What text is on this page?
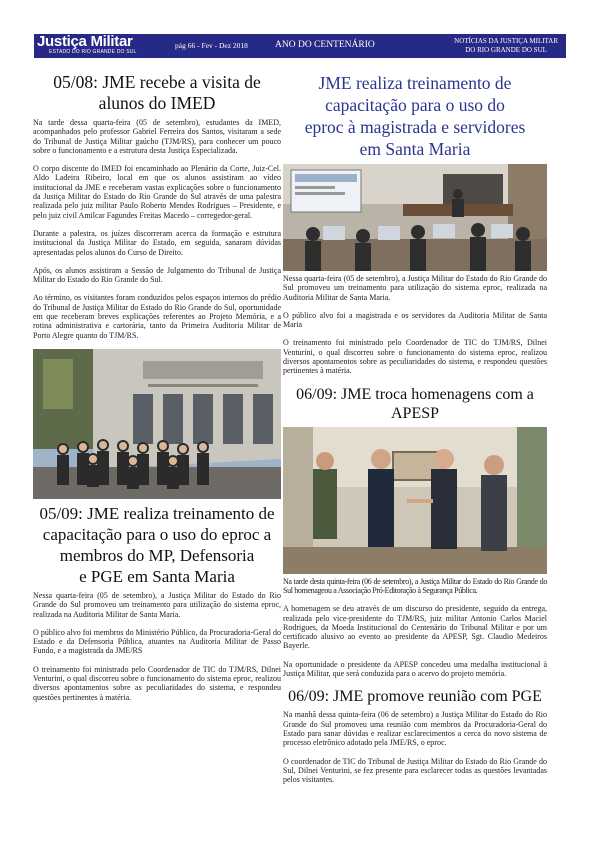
Justiça Militar
ESTADO DO RIO GRANDE DO SUL
pág 66 - Fev - Dez 2018	ANO DO CENTENÁRIO	NOTÍCIAS DA JUSTIÇA MILITAR
DO RIO GRANDE DO SUL
05/08: JME recebe a visita de
alunos do IMED

Na tarde dessa quarta-feira (05 de setembro), estudantes da IMED, acompanhados pelo professor Gabriel Ferreira dos Santos, visitaram a sede do Tribunal de Justiça Militar gaúcho (TJM/RS), para conhecer um pouco sobre o funcionamento e a estrutura desta Justiça Especializada.

O corpo discente do IMED foi encaminhado ao Plenário da Corte, Juiz-Cel. Aldo Ladeira Ribeiro, local em que os alunos assistiram ao vídeo institucional da JME e receberam vastas explicações sobre o funcionamento da Justiça Militar do Estado do Rio Grande do Sul através de uma palestra realizada pelo juiz militar Paulo Roberto Mendes Rodrigues – Presidente, e pelo juiz civil Amilcar Fagundes Freitas Macedo – corregedor-geral.

Durante a palestra, os juízes discorreram acerca da formação e estrutura institucional da Justiça Militar do Estado, em seguida, sanaram dúvidas apresentadas pelos alunos do Curso de Direito.

Após, os alunos assistiram a Sessão de Julgamento do Tribunal de Justiça Militar do Estado do Rio Grande do Sul.

Ao término, os visitantes foram conduzidos pelos espaços internos do prédio do Tribunal de Justiça Militar do Estado do Rio Grande do Sul, oportunidade em que receberam breves explicações referentes ao Projeto Memória, e a rotina administrativa e cartorária, tanto da Primeira Auditoria Militar de Porto Alegre quanto do TJM/RS.

05/09: JME realiza treinamento de
capacitação para o uso do eproc a
membros do MP, Defensoria
e PGE em Santa Maria

Nessa quarta-feira (05 de setembro), a Justiça Militar do Estado do Rio Grande do Sul promoveu um treinamento para utilização do sistema eproc, realizada na Auditoria Militar de Santa Maria.

O público alvo foi membros do Ministério Público, da Procuradoria-Geral do Estado e da Defensoria Pública, atuantes na Auditoria Militar de Passo Fundo, e a magistrada da JME/RS

O treinamento foi ministrado pelo Coordenador de TIC do TJM/RS, Dilnei Venturini, o qual discorreu sobre o funcionamento do sistema eproc, realizou diversos apontamentos sobre as peculiaridades do sistema, e respondeu questões pertinentes à matéria.

JME realiza treinamento de
capacitação para o uso do
eproc à magistrada e servidores
em Santa Maria

Nessa quarta-feira (05 de setembro), a Justiça Militar do Estado do Rio Grande do Sul promoveu um treinamento para utilização do sistema eproc, realizada na Auditoria Militar de Santa Maria.

O público alvo foi a magistrada e os servidores da Auditoria Militar de Santa Maria

O treinamento foi ministrado pelo Coordenador de TIC do TJM/RS, Dilnei Venturini, o qual discorreu sobre o funcionamento do sistema eproc, realizou diversos apontamentos sobre as peculiaridades do sistema, e respondeu questões pertinentes à matéria.

06/09: JME troca homenagens com a APESP

Na tarde desta quinta-feira (06 de setembro), a Justiça Militar do Estado do Rio Grande do Sul homenageou a Associação Pró-Editoração à Segurança Pública.

A homenagem se deu através de um discurso do presidente, seguido da entrega, realizada pelo vice-presidente do TJM/RS, juiz militar Antonio Carlos Maciel Rodrigues, da Moeda Institucional do Centenário do Tribunal Militar e por um certificado alusivo ao evento ao presidente da APESP, Sgt. Claudio Medeiros Bayerle.

Na oportunidade o presidente da APESP concedeu uma medalha institucional à Justiça Militar, que será conduzida para o acervo do projeto memória.

06/09: JME promove reunião com PGE

Na manhã dessa quinta-feira (06 de setembro) a Justiça Militar do Estado do Rio Grande do Sul promoveu uma reunião com membros da Procuradoria-Geral do Estado para sanar dúvidas e realizar esclarecimentos a cerca do novo sistema de processo eletrônico adotado pela JME/RS, o eproc.

O coordenador de TIC do Tribunal de Justiça Militar do Estado do Rio Grande do Sul, Dilnei Venturini, se fez presente para esclarecer todas as questões levantadas pelos visitantes.
